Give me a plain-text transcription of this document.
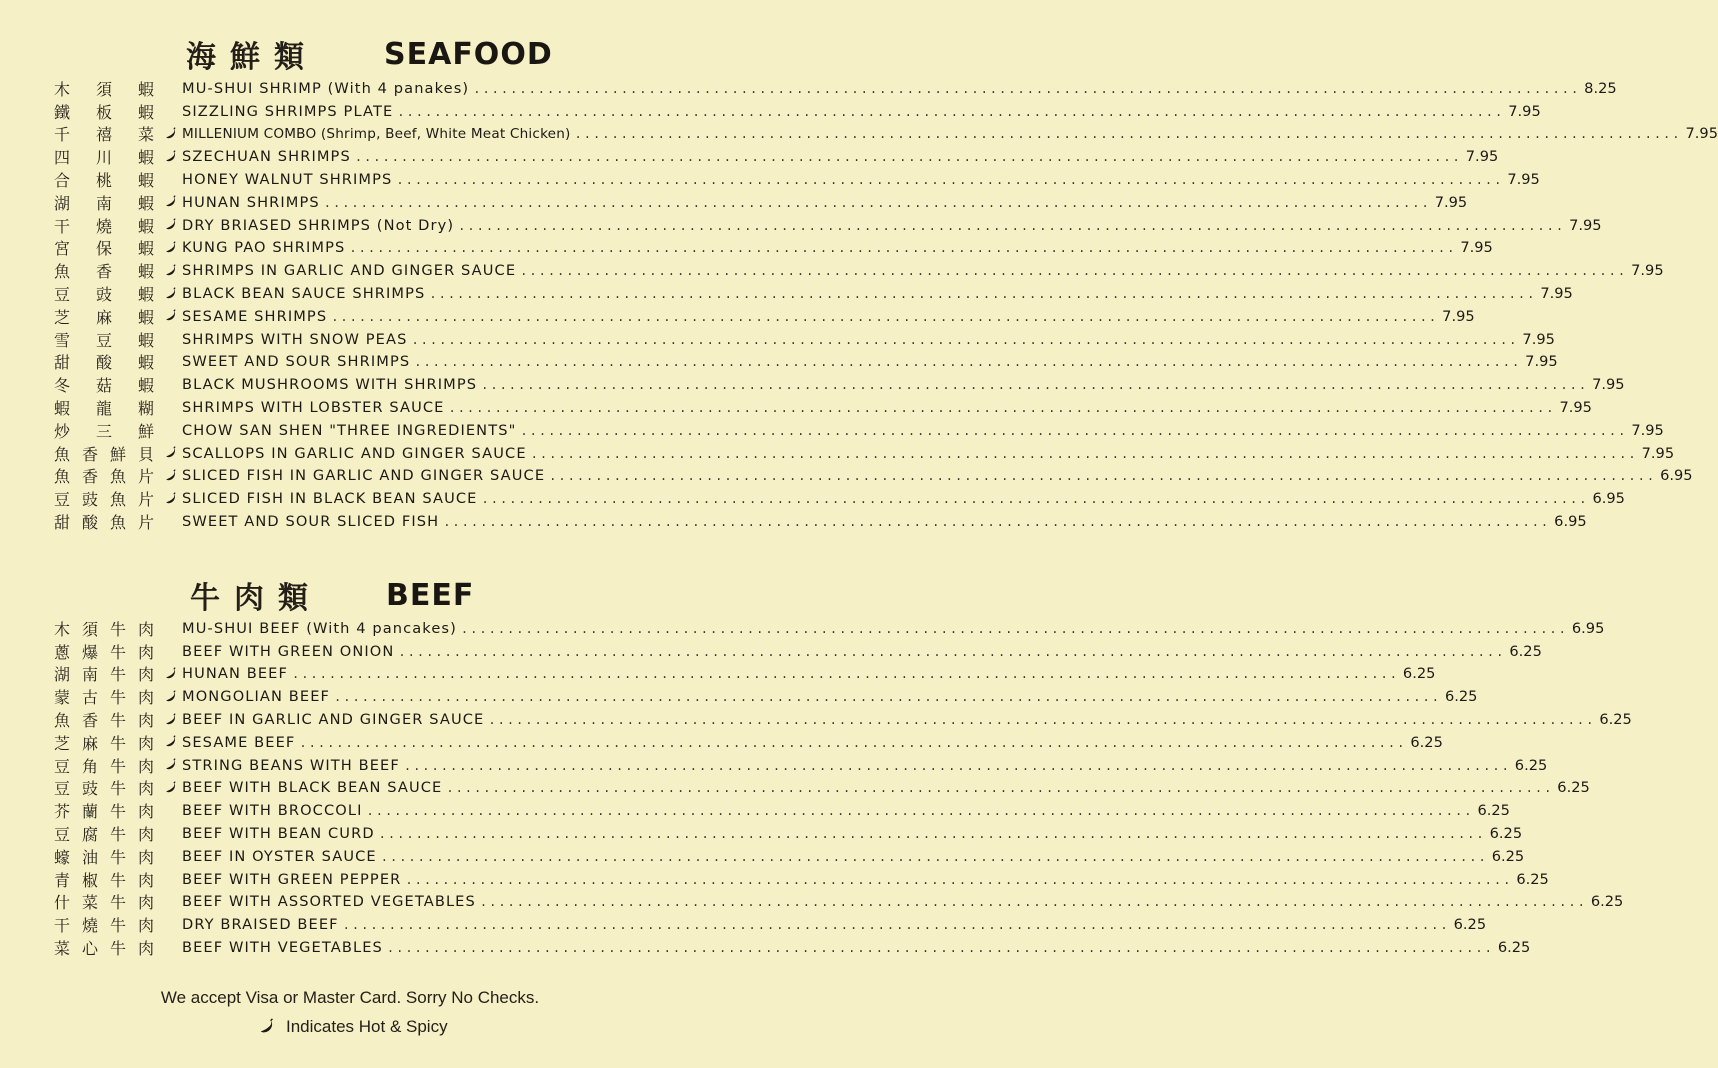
海鮮類 SEAFOOD
木 須 蝦 MU-SHUI SHRIMP (With 4 panakes) ........................................................................................................................ 8.25
鐵 板 蝦 SIZZLING SHRIMPS PLATE ........................................................................................................................ 7.95
千 禧 菜 MILLENIUM COMBO (Shrimp, Beef, White Meat Chicken) ........................................................................................................................ 7.95
四 川 蝦 SZECHUAN SHRIMPS ........................................................................................................................ 7.95
合 桃 蝦 HONEY WALNUT SHRIMPS ........................................................................................................................ 7.95
湖 南 蝦 HUNAN SHRIMPS ........................................................................................................................ 7.95
干 燒 蝦 DRY BRIASED SHRIMPS (Not Dry) ........................................................................................................................ 7.95
宮 保 蝦 KUNG PAO SHRIMPS ........................................................................................................................ 7.95
魚 香 蝦 SHRIMPS IN GARLIC AND GINGER SAUCE ........................................................................................................................ 7.95
豆 豉 蝦 BLACK BEAN SAUCE SHRIMPS ........................................................................................................................ 7.95
芝 麻 蝦 SESAME SHRIMPS ........................................................................................................................ 7.95
雪 豆 蝦 SHRIMPS WITH SNOW PEAS ........................................................................................................................ 7.95
甜 酸 蝦 SWEET AND SOUR SHRIMPS ........................................................................................................................ 7.95
冬 菇 蝦 BLACK MUSHROOMS WITH SHRIMPS ........................................................................................................................ 7.95
蝦 龍 糊 SHRIMPS WITH LOBSTER SAUCE ........................................................................................................................ 7.95
炒 三 鮮 CHOW SAN SHEN "THREE INGREDIENTS" ........................................................................................................................ 7.95
魚 香 鮮 貝 SCALLOPS IN GARLIC AND GINGER SAUCE ........................................................................................................................ 7.95
魚 香 魚 片 SLICED FISH IN GARLIC AND GINGER SAUCE ........................................................................................................................ 6.95
豆 豉 魚 片 SLICED FISH IN BLACK BEAN SAUCE ........................................................................................................................ 6.95
甜 酸 魚 片 SWEET AND SOUR SLICED FISH ........................................................................................................................ 6.95
牛肉類 BEEF
木 須 牛 肉 MU-SHUI BEEF (With 4 pancakes) ........................................................................................................................ 6.95
蔥 爆 牛 肉 BEEF WITH GREEN ONION ........................................................................................................................ 6.25
湖 南 牛 肉 HUNAN BEEF ........................................................................................................................ 6.25
蒙 古 牛 肉 MONGOLIAN BEEF ........................................................................................................................ 6.25
魚 香 牛 肉 BEEF IN GARLIC AND GINGER SAUCE ........................................................................................................................ 6.25
芝 麻 牛 肉 SESAME BEEF ........................................................................................................................ 6.25
豆 角 牛 肉 STRING BEANS WITH BEEF ........................................................................................................................ 6.25
豆 豉 牛 肉 BEEF WITH BLACK BEAN SAUCE ........................................................................................................................ 6.25
芥 蘭 牛 肉 BEEF WITH BROCCOLI ........................................................................................................................ 6.25
豆 腐 牛 肉 BEEF WITH BEAN CURD ........................................................................................................................ 6.25
蠔 油 牛 肉 BEEF IN OYSTER SAUCE ........................................................................................................................ 6.25
青 椒 牛 肉 BEEF WITH GREEN PEPPER ........................................................................................................................ 6.25
什 菜 牛 肉 BEEF WITH ASSORTED VEGETABLES ........................................................................................................................ 6.25
干 燒 牛 肉 DRY BRAISED BEEF ........................................................................................................................ 6.25
菜 心 牛 肉 BEEF WITH VEGETABLES ........................................................................................................................ 6.25
We accept Visa or Master Card. Sorry No Checks.
Indicates Hot & Spicy
